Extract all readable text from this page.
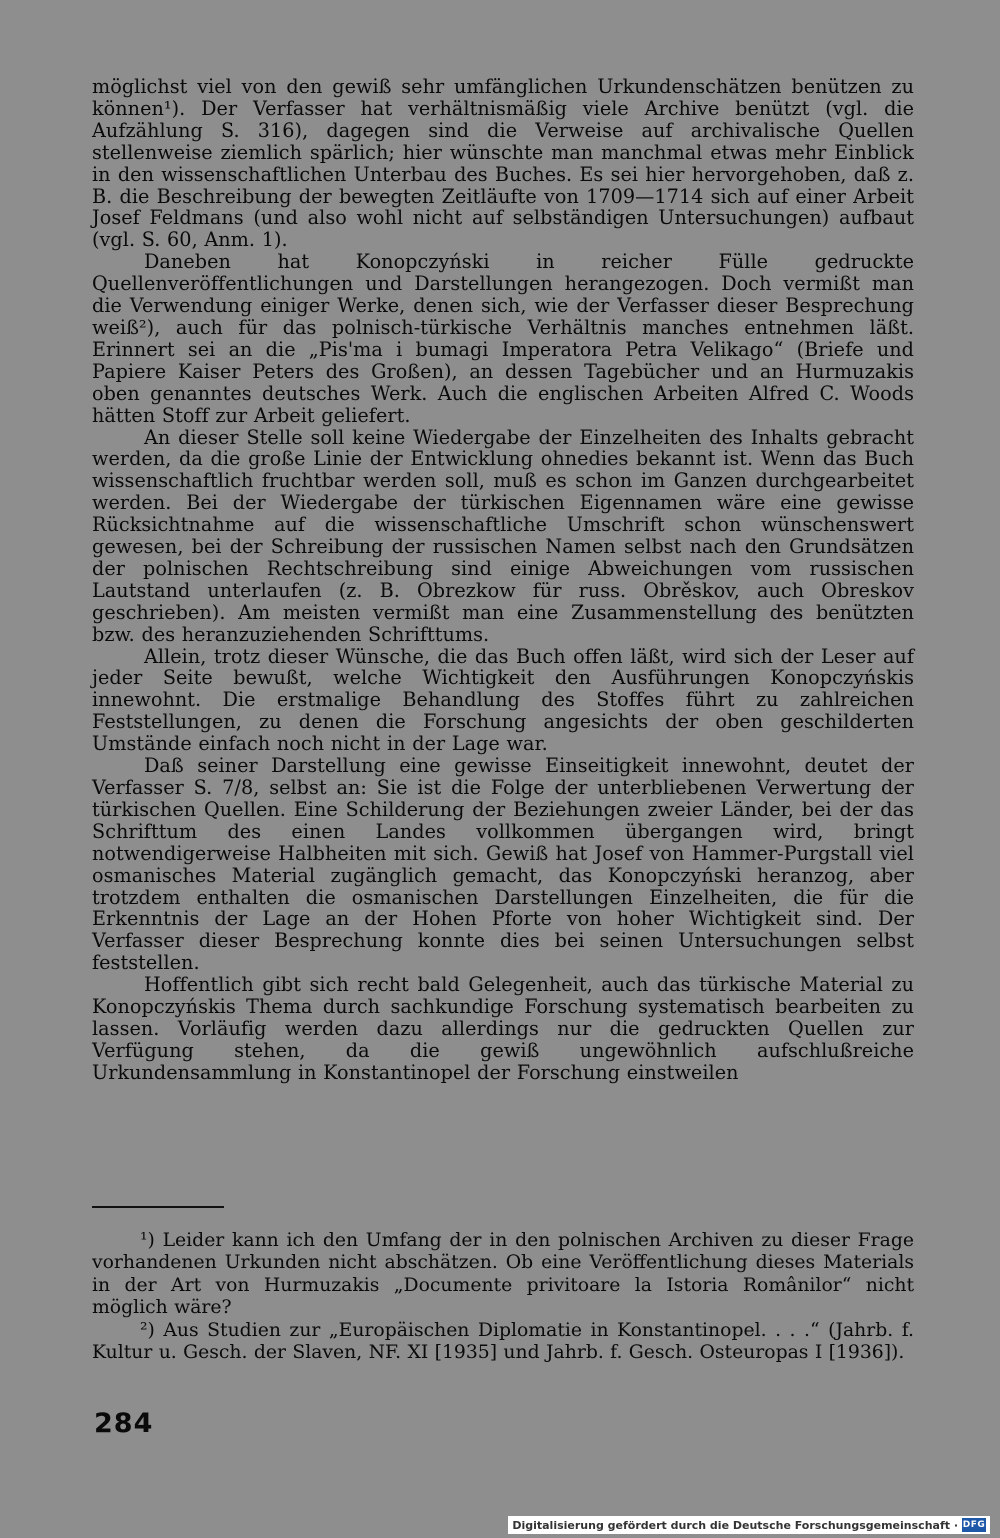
möglichst viel von den gewiß sehr umfänglichen Urkundenschätzen benützen zu können¹). Der Verfasser hat verhältnismäßig viele Archive benützt (vgl. die Aufzählung S. 316), dagegen sind die Verweise auf archivalische Quellen stellenweise ziemlich spärlich; hier wünschte man manchmal etwas mehr Einblick in den wissenschaftlichen Unterbau des Buches. Es sei hier hervorgehoben, daß z. B. die Beschreibung der bewegten Zeitläufte von 1709—1714 sich auf einer Arbeit Josef Feldmans (und also wohl nicht auf selbständigen Untersuchungen) aufbaut (vgl. S. 60, Anm. 1).

Daneben hat Konopczyński in reicher Fülle gedruckte Quellenveröffentlichungen und Darstellungen herangezogen. Doch vermißt man die Verwendung einiger Werke, denen sich, wie der Verfasser dieser Besprechung weiß²), auch für das polnisch-türkische Verhältnis manches entnehmen läßt. Erinnert sei an die „Pis'ma i bumagi Imperatora Petra Velikago“ (Briefe und Papiere Kaiser Peters des Großen), an dessen Tagebücher und an Hurmuzakis oben genanntes deutsches Werk. Auch die englischen Arbeiten Alfred C. Woods hätten Stoff zur Arbeit geliefert.

An dieser Stelle soll keine Wiedergabe der Einzelheiten des Inhalts gebracht werden, da die große Linie der Entwicklung ohnedies bekannt ist. Wenn das Buch wissenschaftlich fruchtbar werden soll, muß es schon im Ganzen durchgearbeitet werden. Bei der Wiedergabe der türkischen Eigennamen wäre eine gewisse Rücksichtnahme auf die wissenschaftliche Umschrift schon wünschenswert gewesen, bei der Schreibung der russischen Namen selbst nach den Grundsätzen der polnischen Rechtschreibung sind einige Abweichungen vom russischen Lautstand unterlaufen (z. B. Obrezkow für russ. Obrěskov, auch Obreskov geschrieben). Am meisten vermißt man eine Zusammenstellung des benützten bzw. des heranzuziehenden Schrifttums.

Allein, trotz dieser Wünsche, die das Buch offen läßt, wird sich der Leser auf jeder Seite bewußt, welche Wichtigkeit den Ausführungen Konopczyńskis innewohnt. Die erstmalige Behandlung des Stoffes führt zu zahlreichen Feststellungen, zu denen die Forschung angesichts der oben geschilderten Umstände einfach noch nicht in der Lage war.

Daß seiner Darstellung eine gewisse Einseitigkeit innewohnt, deutet der Verfasser S. 7/8, selbst an: Sie ist die Folge der unterbliebenen Verwertung der türkischen Quellen. Eine Schilderung der Beziehungen zweier Länder, bei der das Schrifttum des einen Landes vollkommen übergangen wird, bringt notwendigerweise Halbheiten mit sich. Gewiß hat Josef von Hammer-Purgstall viel osmanisches Material zugänglich gemacht, das Konopczyński heranzog, aber trotzdem enthalten die osmanischen Darstellungen Einzelheiten, die für die Erkenntnis der Lage an der Hohen Pforte von hoher Wichtigkeit sind. Der Verfasser dieser Besprechung konnte dies bei seinen Untersuchungen selbst feststellen.

Hoffentlich gibt sich recht bald Gelegenheit, auch das türkische Material zu Konopczyńskis Thema durch sachkundige Forschung systematisch bearbeiten zu lassen. Vorläufig werden dazu allerdings nur die gedruckten Quellen zur Verfügung stehen, da die gewiß ungewöhnlich aufschlußreiche Urkundensammlung in Konstantinopel der Forschung einstweilen

¹) Leider kann ich den Umfang der in den polnischen Archiven zu dieser Frage vorhandenen Urkunden nicht abschätzen. Ob eine Veröffentlichung dieses Materials in der Art von Hurmuzakis „Documente privitoare la Istoria Românilor“ nicht möglich wäre?

²) Aus Studien zur „Europäischen Diplomatie in Konstantinopel. . . .“ (Jahrb. f. Kultur u. Gesch. der Slaven, NF. XI [1935] und Jahrb. f. Gesch. Osteuropas I [1936]).

284
Digitalisierung gefördert durch die Deutsche Forschungsgemeinschaft · DFG
